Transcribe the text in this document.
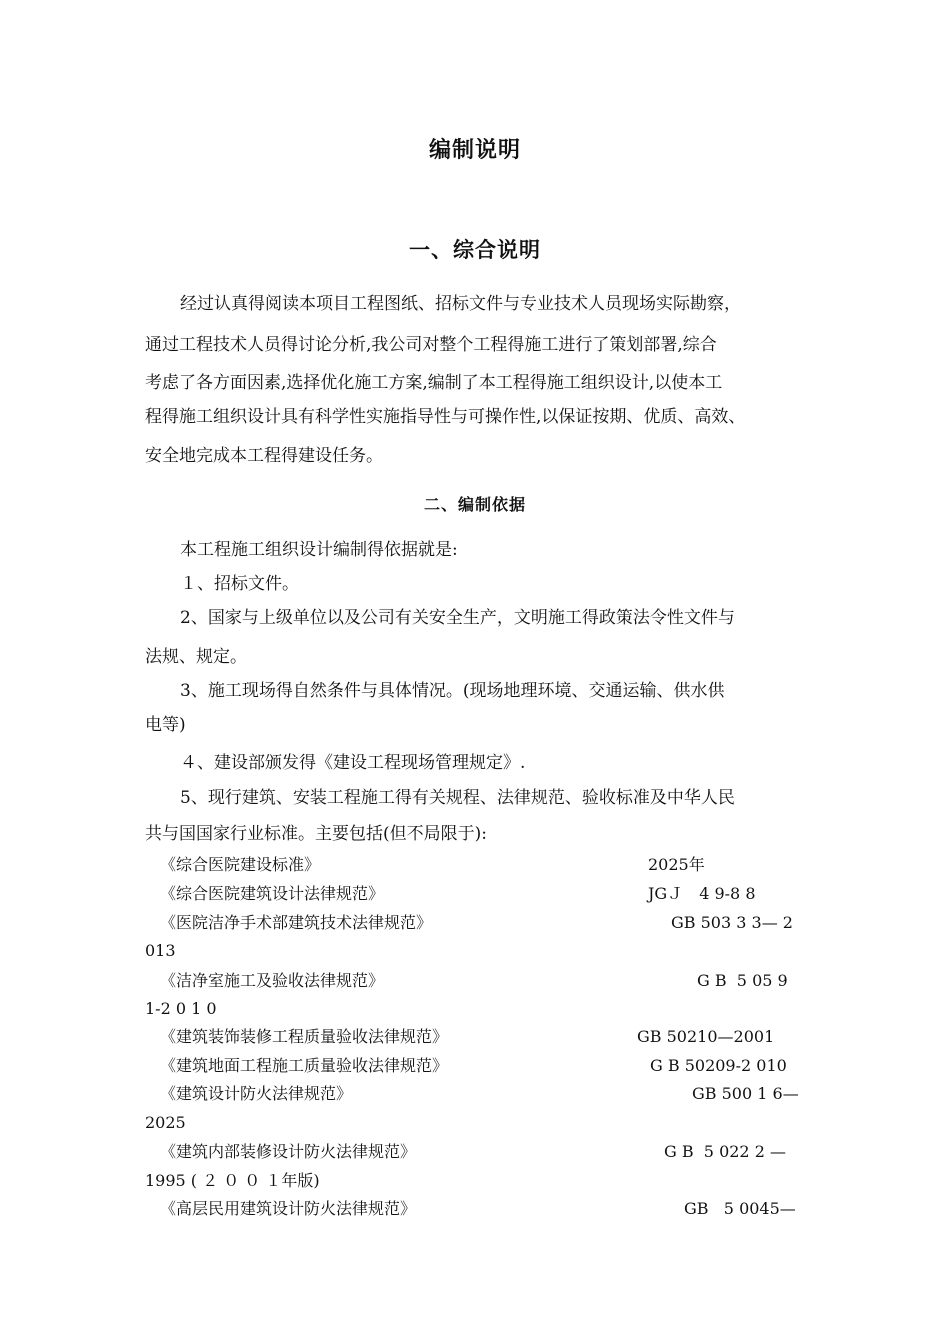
编制说明
一、综合说明
经过认真得阅读本项目工程图纸、招标文件与专业技术人员现场实际勘察，
通过工程技术人员得讨论分析,我公司对整个工程得施工进行了策划部署,综合
考虑了各方面因素,选择优化施工方案,编制了本工程得施工组织设计,以使本工
程得施工组织设计具有科学性实施指导性与可操作性,以保证按期、优质、高效、
安全地完成本工程得建设任务。
二、编制依据
本工程施工组织设计编制得依据就是:
１、招标文件。
2、国家与上级单位以及公司有关安全生产，文明施工得政策法令性文件与
法规、规定。
3、施工现场得自然条件与具体情况。(现场地理环境、交通运输、供水供
电等)
４、建设部颁发得《建设工程现场管理规定》.
5、现行建筑、安装工程施工得有关规程、法律规范、验收标准及中华人民
共与国国家行业标准。主要包括(但不局限于):
《综合医院建设标准》	2025年
《综合医院建筑设计法律规范》	JGＪ　4 9-8 8
《医院洁净手术部建筑技术法律规范》	GB 503 3 3— 2
013
《洁净室施工及验收法律规范》	G B  5 05 9
1-2 0 1 0
《建筑装饰装修工程质量验收法律规范》	GB 50210—2001
《建筑地面工程施工质量验收法律规范》	G B 50209-2 010
《建筑设计防火法律规范》	GB 500 1 6—
2025
《建筑内部装修设计防火法律规范》	G B  5 022 2 —
1995 ( ２ ０ ０ １年版)
《高层民用建筑设计防火法律规范》	GB   5 0045—
